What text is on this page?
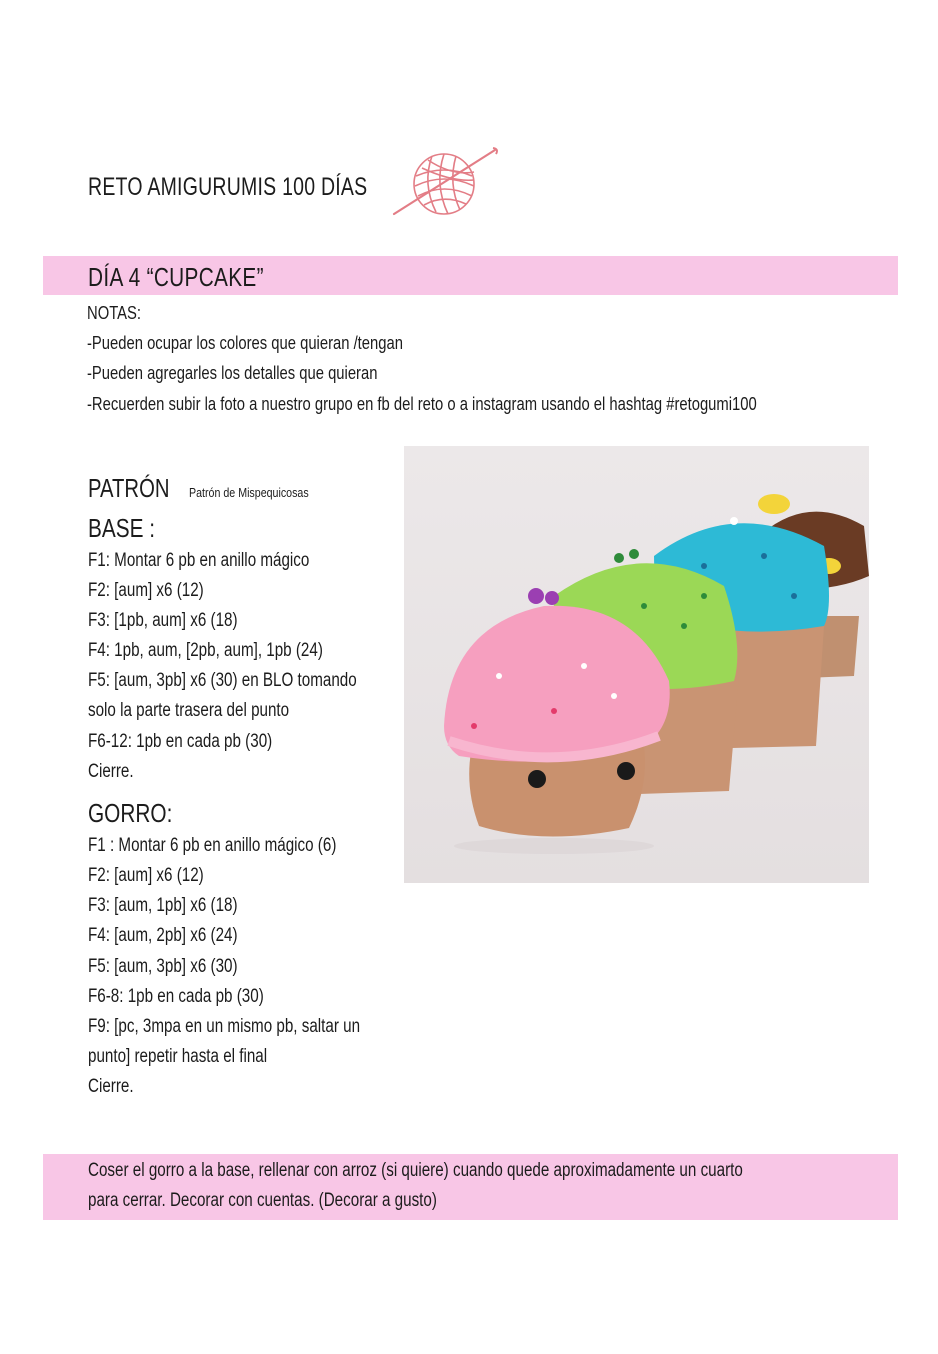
RETO AMIGURUMIS 100 DÍAS
DÍA 4 “CUPCAKE”
NOTAS:
-Pueden ocupar los colores que quieran /tengan
-Pueden agregarles los detalles que quieran
-Recuerden subir la foto a nuestro grupo en fb del reto o a instagram usando el hashtag #retogumi100
PATRÓN Patrón de Mispequicosas
BASE :
F1: Montar 6 pb en anillo mágico
F2: [aum] x6 (12)
F3: [1pb, aum] x6 (18)
F4: 1pb, aum, [2pb, aum], 1pb (24)
F5: [aum, 3pb] x6 (30) en BLO tomando
solo la parte trasera del punto
F6-12: 1pb en cada pb (30)
Cierre.
GORRO:
F1 : Montar 6 pb en anillo mágico (6)
F2: [aum] x6 (12)
F3: [aum, 1pb] x6 (18)
F4: [aum, 2pb] x6 (24)
F5: [aum, 3pb] x6 (30)
F6-8: 1pb en cada pb (30)
F9: [pc, 3mpa en un mismo pb, saltar un
punto] repetir hasta el final
Cierre.
Coser el gorro a la base, rellenar con arroz (si quiere) cuando quede aproximadamente un cuarto
para cerrar. Decorar con cuentas. (Decorar a gusto)
